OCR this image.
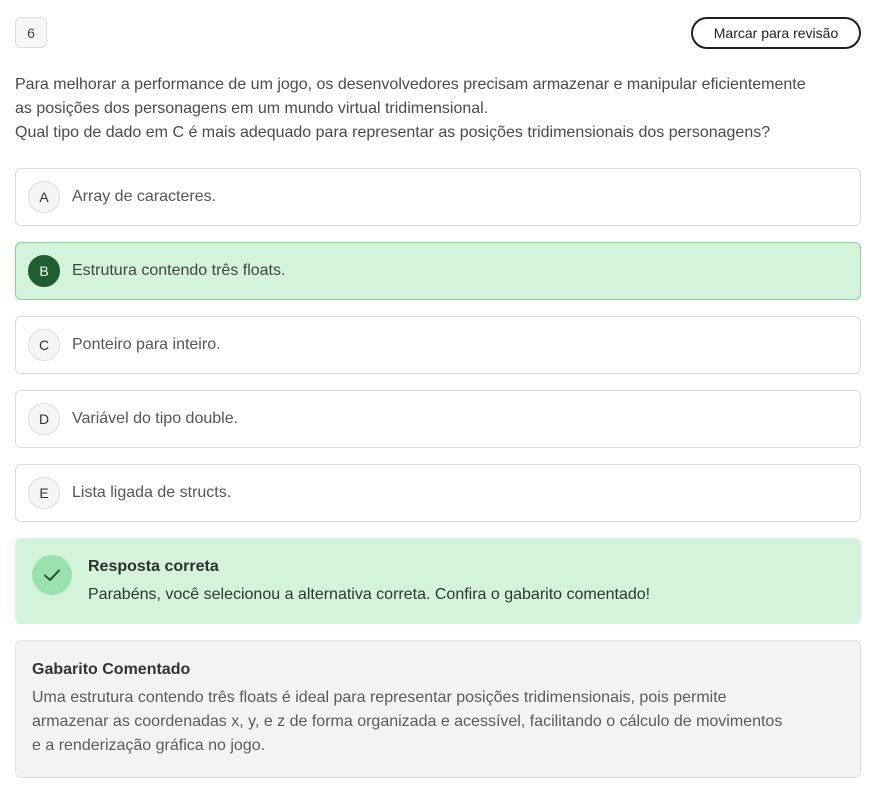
6	Marcar para revisão
Para melhorar a performance de um jogo, os desenvolvedores precisam armazenar e manipular eficientemente
as posições dos personagens em um mundo virtual tridimensional.
Qual tipo de dado em C é mais adequado para representar as posições tridimensionais dos personagens?
A	Array de caracteres.
B	Estrutura contendo três floats.
C	Ponteiro para inteiro.
D	Variável do tipo double.
E	Lista ligada de structs.
Resposta correta
Parabéns, você selecionou a alternativa correta. Confira o gabarito comentado!
Gabarito Comentado
Uma estrutura contendo três floats é ideal para representar posições tridimensionais, pois permite
armazenar as coordenadas x, y, e z de forma organizada e acessível, facilitando o cálculo de movimentos
e a renderização gráfica no jogo.
